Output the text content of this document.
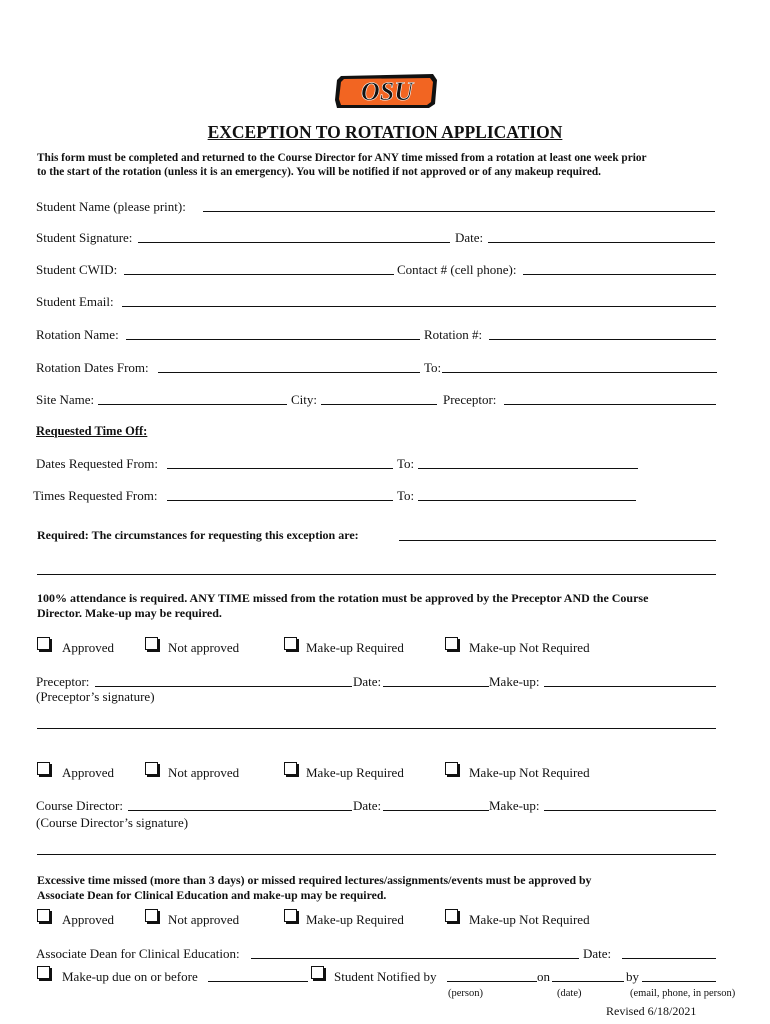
OSU
EXCEPTION TO ROTATION APPLICATION
This form must be completed and returned to the Course Director for ANY time missed from a rotation at least one week prior
to the start of the rotation (unless it is an emergency). You will be notified if not approved or of any makeup required.
Student Name (please print):
Student Signature:	Date:
Student CWID:	Contact # (cell phone):
Student Email:
Rotation Name:	Rotation #:
Rotation Dates From:	To:
Site Name:	City:	Preceptor:
Requested Time Off:
Dates Requested From:	To:
Times Requested From:	To:
Required: The circumstances for requesting this exception are:
100% attendance is required. ANY TIME missed from the rotation must be approved by the Preceptor AND the Course
Director. Make-up may be required.
Approved	Not approved	Make-up Required	Make-up Not Required
Preceptor:	Date:	Make-up:
(Preceptor’s signature)
Approved	Not approved	Make-up Required	Make-up Not Required
Course Director:	Date:	Make-up:
(Course Director’s signature)
Excessive time missed (more than 3 days) or missed required lectures/assignments/events must be approved by
Associate Dean for Clinical Education and make-up may be required.
Approved	Not approved	Make-up Required	Make-up Not Required
Associate Dean for Clinical Education:	Date:
Make-up due on or before	Student Notified by	on	by
(person)	(date)	(email, phone, in person)
Revised 6/18/2021
